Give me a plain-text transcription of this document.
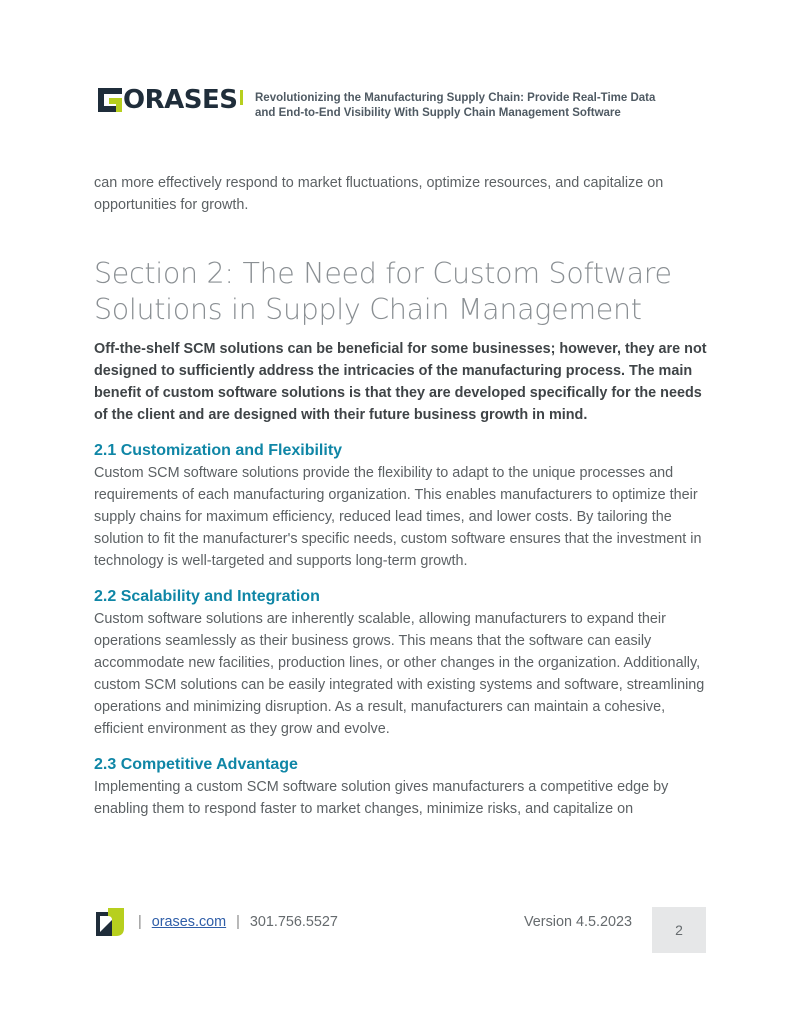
ORASES Revolutionizing the Manufacturing Supply Chain: Provide Real-Time Data
and End-to-End Visibility With Supply Chain Management Software

can more effectively respond to market fluctuations, optimize resources, and capitalize on opportunities for growth.

Section 2: The Need for Custom Software
Solutions in Supply Chain Management

Off-the-shelf SCM solutions can be beneficial for some businesses; however, they are not designed to sufficiently address the intricacies of the manufacturing process. The main benefit of custom software solutions is that they are developed specifically for the needs of the client and are designed with their future business growth in mind.

2.1 Customization and Flexibility

Custom SCM software solutions provide the flexibility to adapt to the unique processes and requirements of each manufacturing organization. This enables manufacturers to optimize their supply chains for maximum efficiency, reduced lead times, and lower costs. By tailoring the solution to fit the manufacturer's specific needs, custom software ensures that the investment in technology is well-targeted and supports long-term growth.

2.2 Scalability and Integration

Custom software solutions are inherently scalable, allowing manufacturers to expand their operations seamlessly as their business grows. This means that the software can easily accommodate new facilities, production lines, or other changes in the organization. Additionally, custom SCM solutions can be easily integrated with existing systems and software, streamlining operations and minimizing disruption. As a result, manufacturers can maintain a cohesive, efficient environment as they grow and evolve.

2.3 Competitive Advantage

Implementing a custom SCM software solution gives manufacturers a competitive edge by enabling them to respond faster to market changes, minimize risks, and capitalize on

| orases.com | 301.756.5527	Version 4.5.2023	2
